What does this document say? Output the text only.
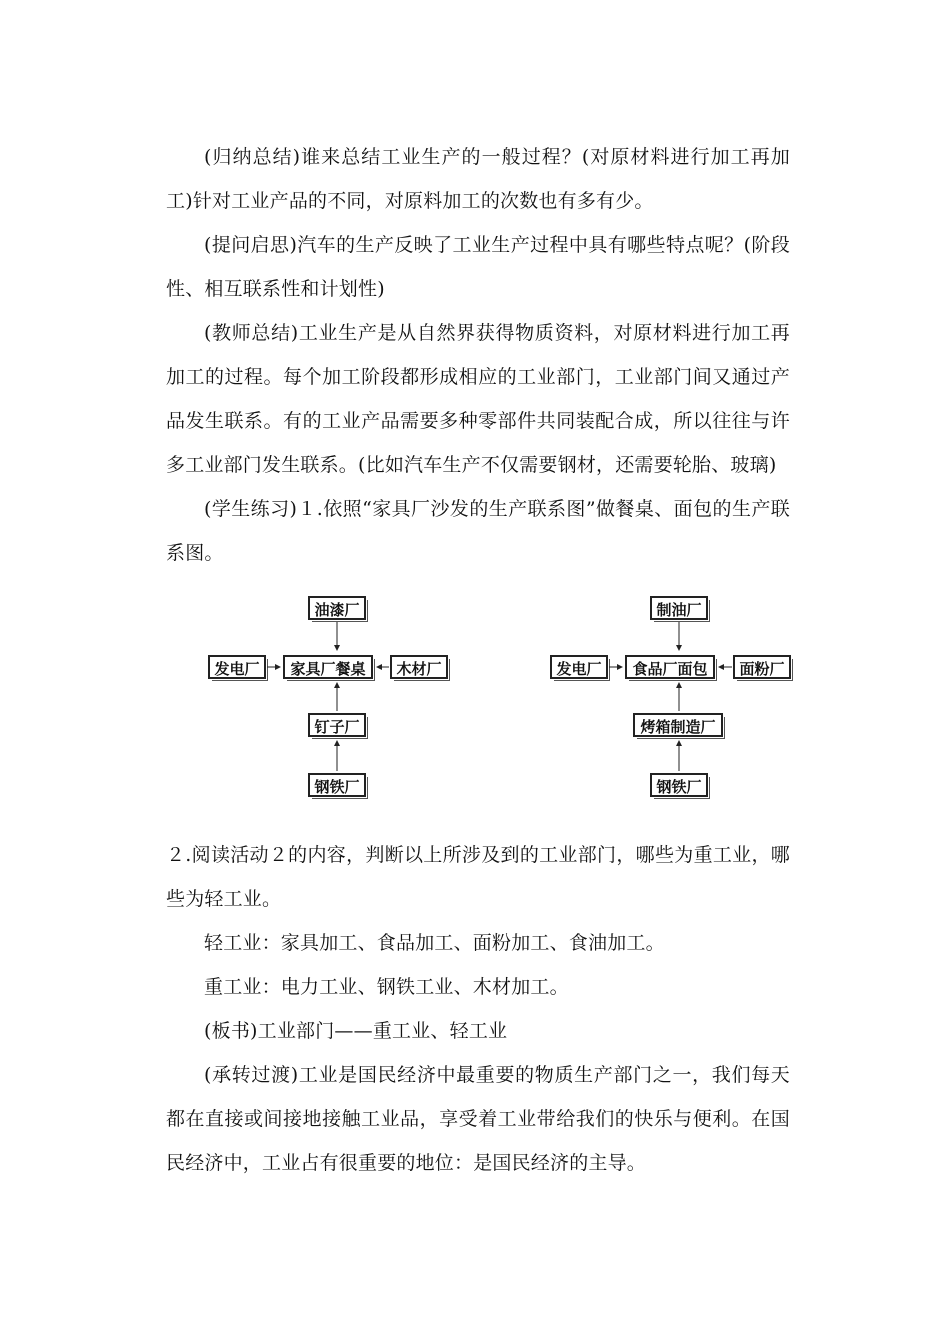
(归纳总结)谁来总结工业生产的一般过程？(对原材料进行加工再加工)针对工业产品的不同，对原料加工的次数也有多有少。

(提问启思)汽车的生产反映了工业生产过程中具有哪些特点呢？(阶段性、相互联系性和计划性)

(教师总结)工业生产是从自然界获得物质资料，对原材料进行加工再加工的过程。每个加工阶段都形成相应的工业部门，工业部门间又通过产品发生联系。有的工业产品需要多种零部件共同装配合成，所以往往与许多工业部门发生联系。(比如汽车生产不仅需要钢材，还需要轮胎、玻璃)

(学生练习)１.依照“家具厂沙发的生产联系图”做餐桌、面包的生产联系图。

油漆厂
发电厂	家具厂餐桌	木材厂
钉子厂
钢铁厂
制油厂
发电厂	食品厂面包	面粉厂
烤箱制造厂
钢铁厂

２.阅读活动２的内容，判断以上所涉及到的工业部门，哪些为重工业，哪些为轻工业。

轻工业：家具加工、食品加工、面粉加工、食油加工。

重工业：电力工业、钢铁工业、木材加工。

(板书)工业部门——重工业、轻工业

(承转过渡)工业是国民经济中最重要的物质生产部门之一，我们每天都在直接或间接地接触工业品，享受着工业带给我们的快乐与便利。在国民经济中，工业占有很重要的地位：是国民经济的主导。
